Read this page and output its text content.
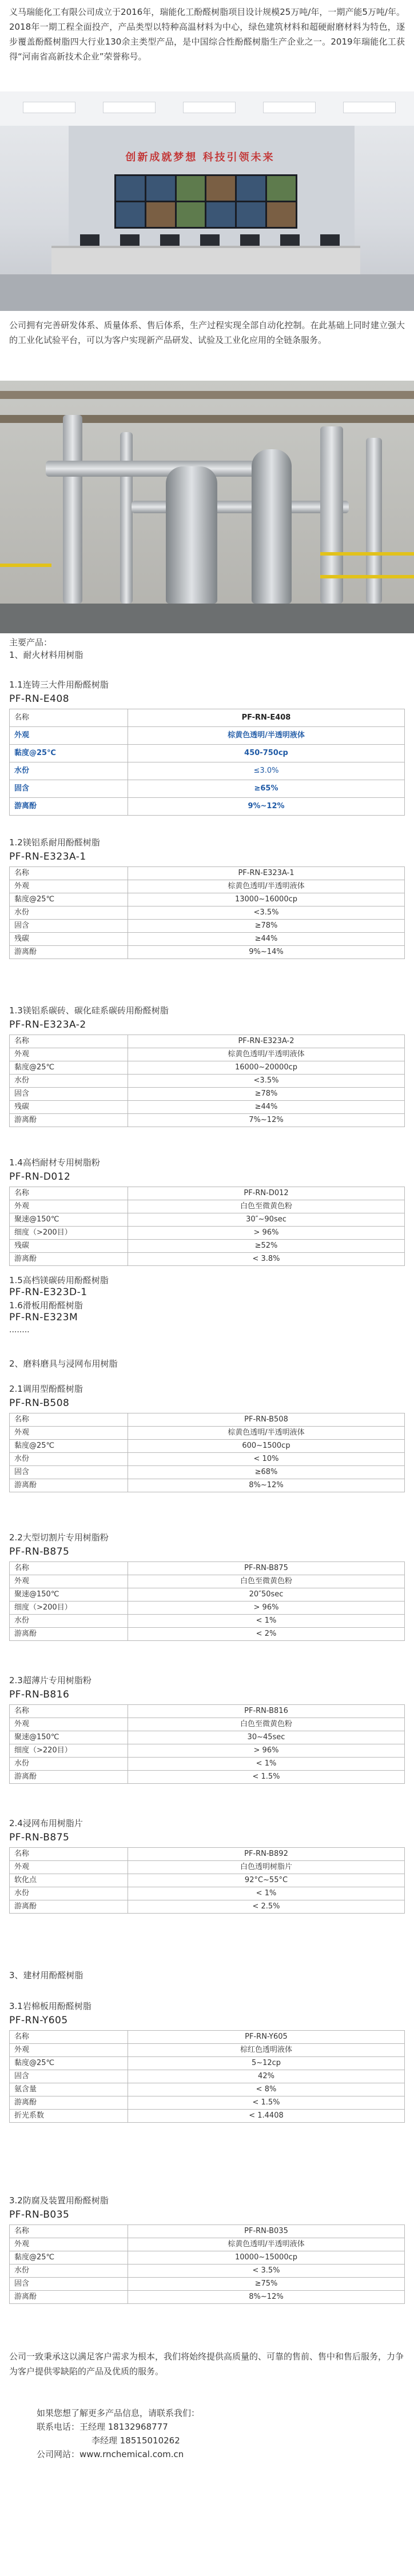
义马瑞能化工有限公司成立于2016年，瑞能化工酚醛树脂项目设计规模25万吨/年，一期产能5万吨/年。2018年一期工程全面投产，产品类型以特种高温材料为中心，绿色建筑材料和超硬耐磨材料为特色，逐步覆盖酚醛树脂四大行业130余主类型产品，是中国综合性酚醛树脂生产企业之一。2019年瑞能化工获得“河南省高新技术企业”荣誉称号。
创新成就梦想 科技引领未来
公司拥有完善研发体系、质量体系、售后体系，生产过程实现全部自动化控制。在此基础上同时建立强大的工业化试验平台，可以为客户实现新产品研发、试验及工业化应用的全链条服务。
主要产品：
1、耐火材料用树脂
1.1连铸三大件用酚醛树脂
PF-RN-E408
名称	PF-RN-E408
外观	棕黄色透明/半透明液体
黏度@25℃	450-750cp
水份	≤3.0%
固含	≥65%
游离酚	9%~12%
1.2镁铝系耐用酚醛树脂
PF-RN-E323A-1
名称	PF-RN-E323A-1
外观	棕黄色透明/半透明液体
黏度@25℃	13000~16000cp
水份	<3.5%
固含	≥78%
残碳	≥44%
游离酚	9%~14%
1.3镁铝系碳砖、碳化硅系碳砖用酚醛树脂
PF-RN-E323A-2
名称	PF-RN-E323A-2
外观	棕黄色透明/半透明液体
黏度@25℃	16000~20000cp
水份	<3.5%
固含	≥78%
残碳	≥44%
游离酚	7%~12%
1.4高档耐材专用树脂粉
PF-RN-D012
名称	PF-RN-D012
外观	白色至微黄色粉
聚速@150℃	30″~90sec
细度（>200目）	> 96%
残碳	≥52%
游离酚	< 3.8%
1.5高档镁碳砖用酚醛树脂
PF-RN-E323D-1
1.6滑板用酚醛树脂
PF-RN-E323M
········
2、磨料磨具与浸网布用树脂
2.1调用型酚醛树脂
PF-RN-B508
名称	PF-RN-B508
外观	棕黄色透明/半透明液体
黏度@25℃	600~1500cp
水份	< 10%
固含	≥68%
游离酚	8%~12%
2.2大型切割片专用树脂粉
PF-RN-B875
名称	PF-RN-B875
外观	白色至微黄色粉
聚速@150℃	20″50sec
细度（>200目）	> 96%
水份	< 1%
游离酚	< 2%
2.3超薄片专用树脂粉
PF-RN-B816
名称	PF-RN-B816
外观	白色至微黄色粉
聚速@150℃	30~45sec
细度（>220目）	> 96%
水份	< 1%
游离酚	< 1.5%
2.4浸网布用树脂片
PF-RN-B875
名称	PF-RN-B892
外观	白色透明树脂片
软化点	92°C~55°C
水份	< 1%
游离酚	< 2.5%
3、建材用酚醛树脂
3.1岩棉板用酚醛树脂
PF-RN-Y605
名称	PF-RN-Y605
外观	棕红色透明液体
黏度@25℃	5~12cp
固含	42%
氨含量	< 8%
游离酚	< 1.5%
折光系数	< 1.4408
3.2防腐及装置用酚醛树脂
PF-RN-B035
名称	PF-RN-B035
外观	棕黄色透明/半透明液体
黏度@25℃	10000~15000cp
水份	< 3.5%
固含	≥75%
游离酚	8%~12%
公司一致秉承这以满足客户需求为根本，我们将始终提供高质量的、可靠的售前、售中和售后服务，力争为客户提供零缺陷的产品及优质的服务。
如果您想了解更多产品信息，请联系我们：
联系电话：王经理 18132968777
李经理 18515010262
公司网站：www.rnchemical.com.cn
